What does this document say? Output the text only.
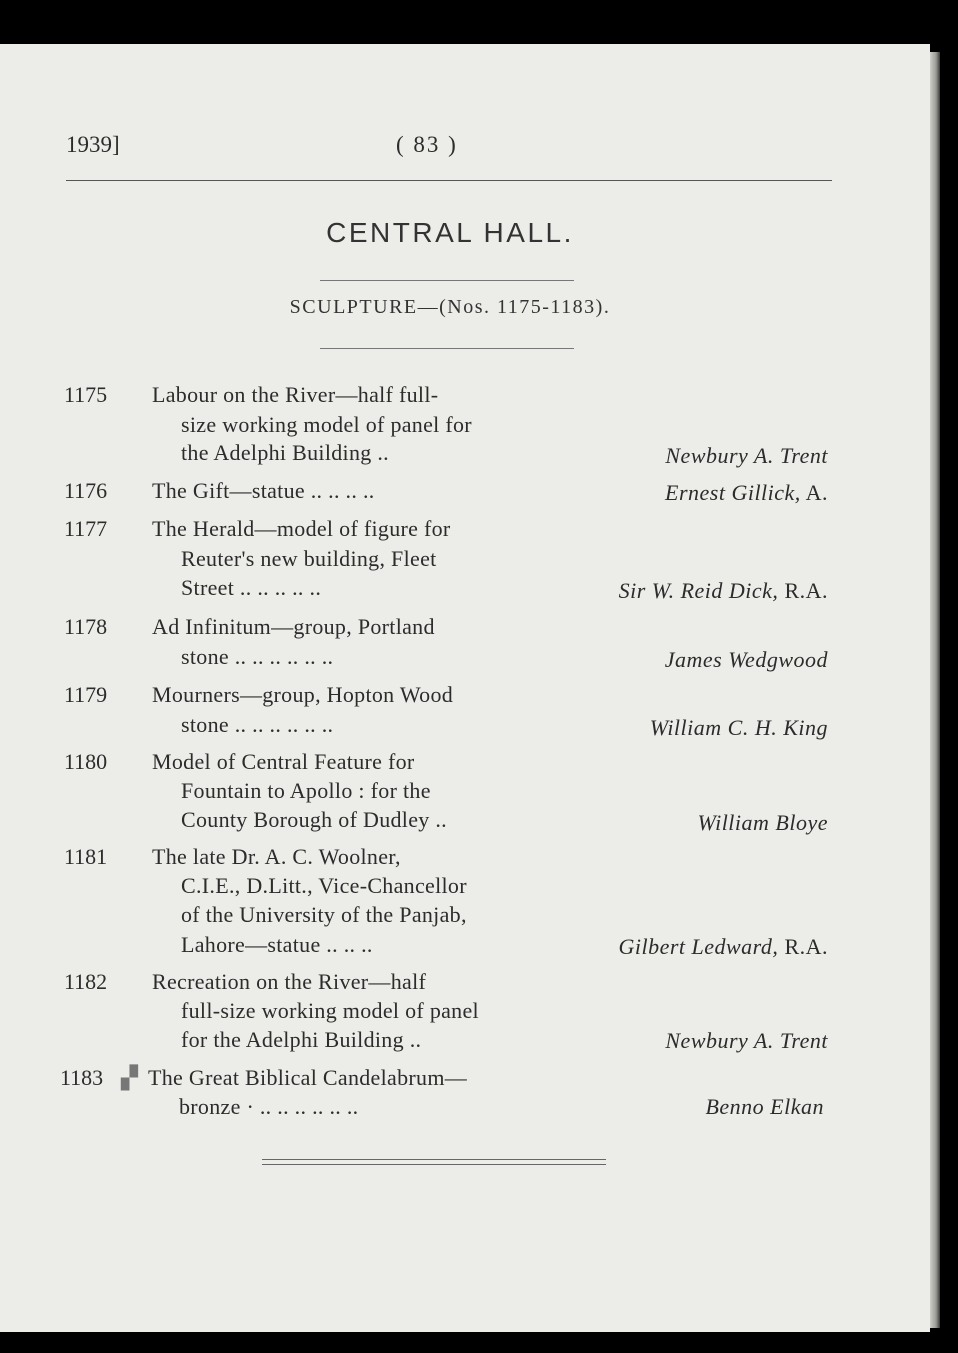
1939]	( 83 )
CENTRAL HALL.
SCULPTURE—(Nos. 1175-1183).
1175 Labour on the River—half full-
size working model of panel for
the Adelphi Building ..	Newbury A. Trent
1176 The Gift—statue .. .. .. ..	Ernest Gillick, A.
1177 The Herald—model of figure for
Reuter's new building, Fleet
Street .. .. .. .. ..	Sir W. Reid Dick, R.A.
1178 Ad Infinitum—group, Portland
stone .. .. .. .. .. ..	James Wedgwood
1179 Mourners—group, Hopton Wood
stone .. .. .. .. .. ..	William C. H. King
1180 Model of Central Feature for
Fountain to Apollo : for the
County Borough of Dudley ..	William Bloye
1181 The late Dr. A. C. Woolner,
C.I.E., D.Litt., Vice-Chancellor
of the University of the Panjab,
Lahore—statue .. .. ..	Gilbert Ledward, R.A.
1182 Recreation on the River—half
full-size working model of panel
for the Adelphi Building ..	Newbury A. Trent
1183 ▞ The Great Biblical Candelabrum—
bronze · .. .. .. .. .. ..	Benno Elkan
